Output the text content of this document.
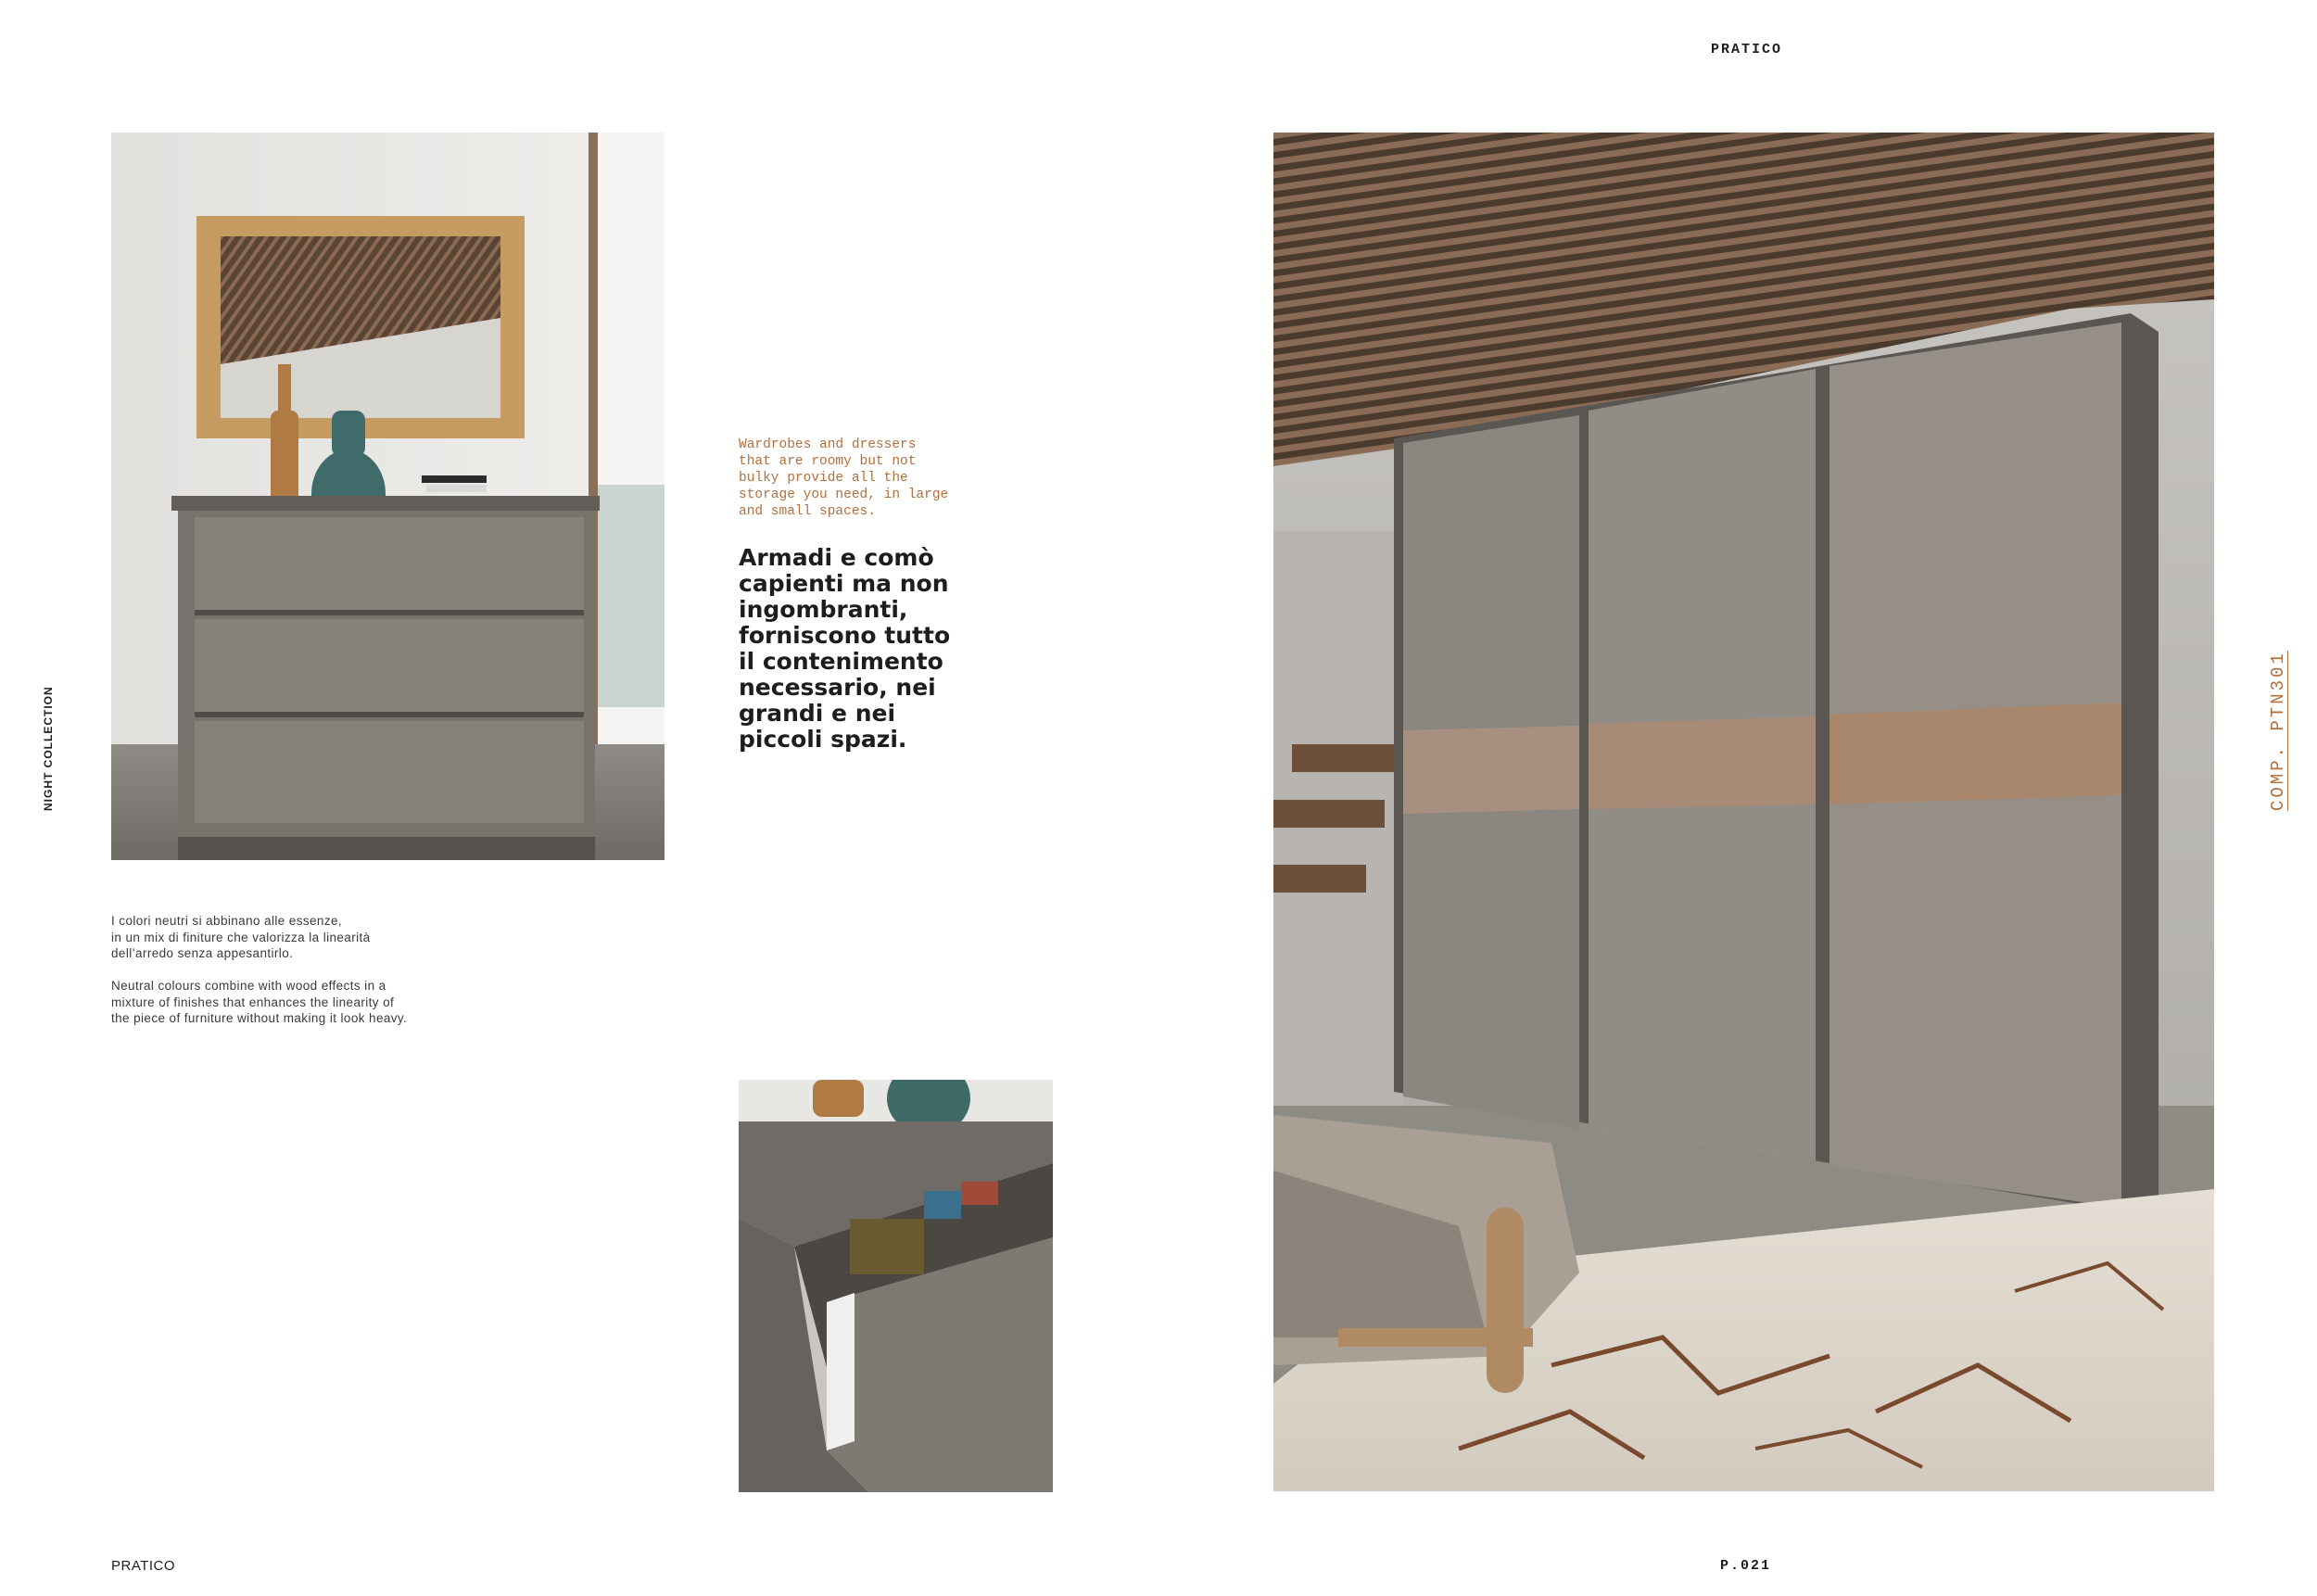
PRATICO
NIGHT COLLECTION	COMP. PTN301
Wardrobes and dressers
that are roomy but not
bulky provide all the
storage you need, in large
and small spaces.
Armadi e comò
capienti ma non
ingombranti,
forniscono tutto
il contenimento
necessario, nei
grandi e nei
piccoli spazi.
I colori neutri si abbinano alle essenze,
in un mix di finiture che valorizza la linearità
dell’arredo senza appesantirlo.
Neutral colours combine with wood effects in a
mixture of finishes that enhances the linearity of
the piece of furniture without making it look heavy.
PRATICO	P.021
